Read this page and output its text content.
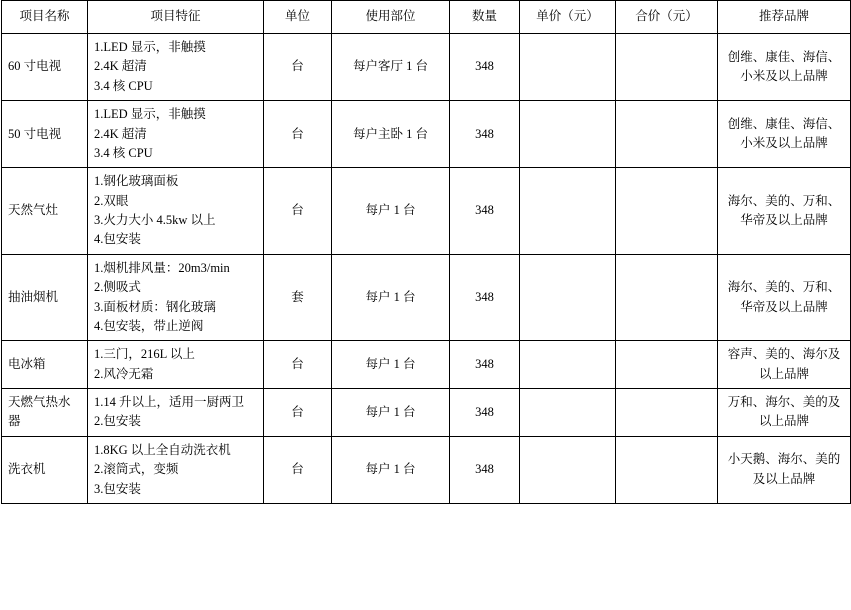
项目名称	项目特征	单位	使用部位	数量	单价（元）	合价（元）	推荐品牌
60 寸电视	1.LED 显示，非触摸
2.4K 超清
3.4 核 CPU	台	每户客厅 1 台	348			创维、康佳、海信、小米及以上品牌
50 寸电视	1.LED 显示，非触摸
2.4K 超清
3.4 核 CPU	台	每户主卧 1 台	348			创维、康佳、海信、小米及以上品牌
天然气灶	1.钢化玻璃面板
2.双眼
3.火力大小 4.5kw 以上
4.包安装	台	每户 1 台	348			海尔、美的、万和、华帝及以上品牌
抽油烟机	1.烟机排风量：20m3/min
2.侧吸式
3.面板材质：钢化玻璃
4.包安装，带止逆阀	套	每户 1 台	348			海尔、美的、万和、华帝及以上品牌
电冰箱	1.三门，216L 以上
2.风冷无霜	台	每户 1 台	348			容声、美的、海尔及以上品牌
天燃气热水器	1.14 升以上，适用一厨两卫
2.包安装	台	每户 1 台	348			万和、海尔、美的及以上品牌
洗衣机	1.8KG 以上全自动洗衣机
2.滚筒式，变频
3.包安装	台	每户 1 台	348			小天鹅、海尔、美的及以上品牌
